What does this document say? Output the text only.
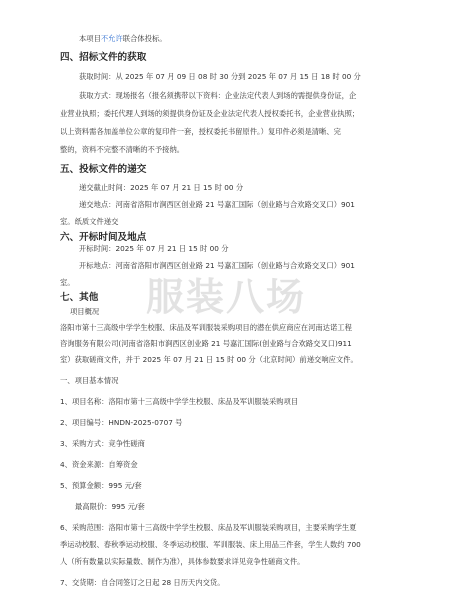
本项目不允许联合体投标。
四、招标文件的获取
获取时间：从 2025 年 07 月 09 日 08 时 30 分到 2025 年 07 月 15 日 18 时 00 分
获取方式：现场报名（报名须携带以下资料：企业法定代表人到场的需提供身份证，企
业营业执照；委托代理人到场的须提供身份证及企业法定代表人授权委托书，企业营业执照；
以上资料需各加盖单位公章的复印件一套，授权委托书留原件。）复印件必须是清晰、完
整的，资料不完整不清晰的不予接纳。
五、投标文件的递交
递交截止时间：2025 年 07 月 21 日 15 时 00 分
递交地点：河南省洛阳市涧西区创业路 21 号嘉汇国际（创业路与合欢路交叉口）901
室。纸质文件递交
六、开标时间及地点
开标时间：2025 年 07 月 21 日 15 时 00 分
开标地点：河南省洛阳市涧西区创业路 21 号嘉汇国际（创业路与合欢路交叉口）901
室。
七、其他
项目概况
洛阳市第十三高级中学学生校服、床品及军训服装采购项目的潜在供应商应在河南达诺工程
咨询服务有限公司(河南省洛阳市涧西区创业路 21 号嘉汇国际(创业路与合欢路交叉口)911
室）获取磋商文件，并于 2025 年 07 月 21 日 15 时 00 分（北京时间）前递交响应文件。
一、项目基本情况
1、项目名称：洛阳市第十三高级中学学生校服、床品及军训服装采购项目
2、项目编号：HNDN-2025-0707 号
3、采购方式：竞争性磋商
4、资金来源：自筹资金
5、预算金额：995 元/套
最高限价：995 元/套
6、采购范围：洛阳市第十三高级中学学生校服、床品及军训服装采购项目，主要采购学生夏
季运动校服、春秋季运动校服、冬季运动校服、军训服装、床上用品三件套，学生人数约 700
人（所有数量以实际量数、制作为准），具体参数要求详见竞争性磋商文件。
7、交货期：自合同签订之日起 28 日历天内交货。
服装八场
